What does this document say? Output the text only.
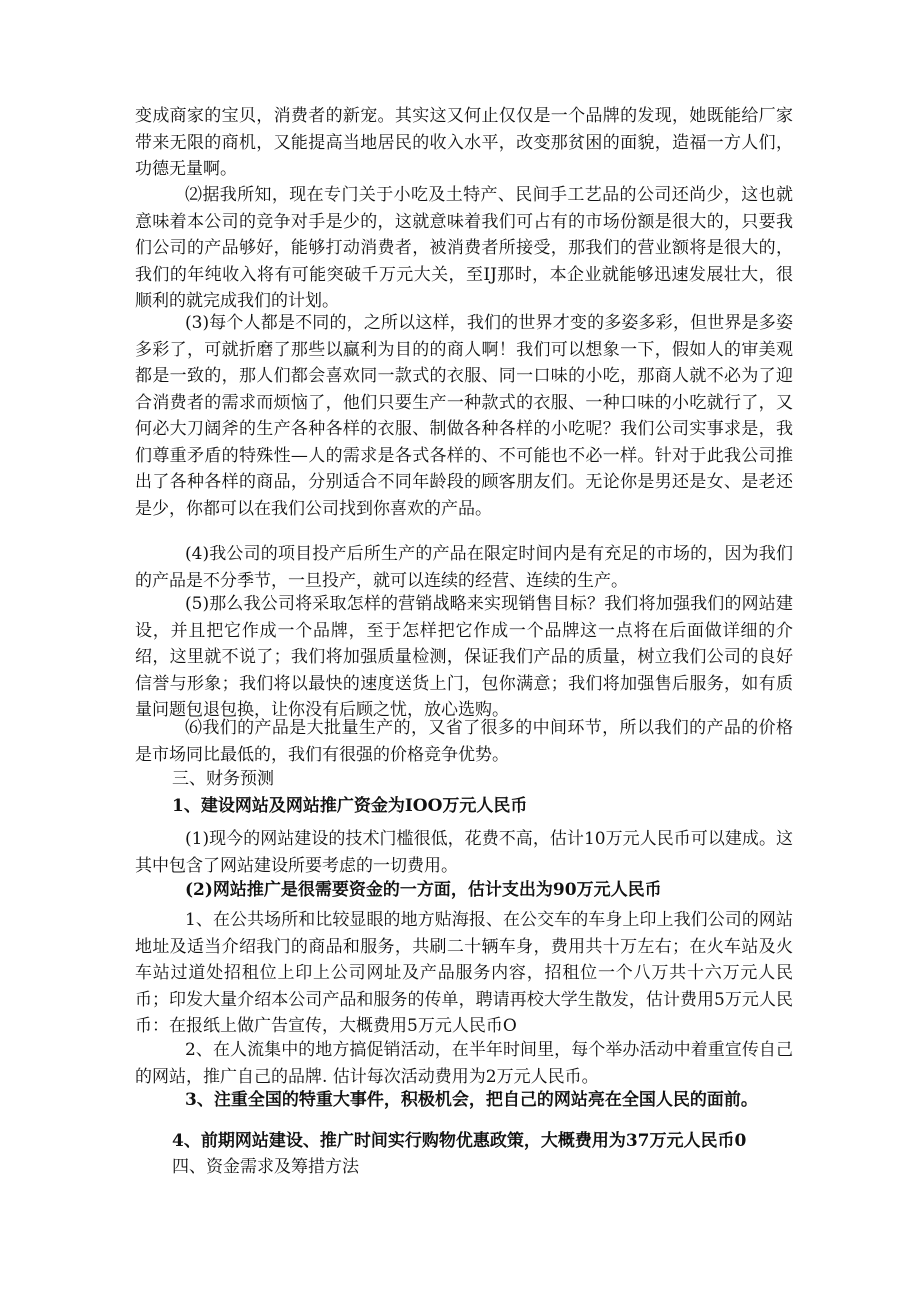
变成商家的宝贝，消费者的新宠。其实这又何止仅仅是一个品牌的发现，她既能给厂家带来无限的商机，又能提高当地居民的收入水平，改变那贫困的面貌，造福一方人们，功德无量啊。

⑵据我所知，现在专门关于小吃及土特产、民间手工艺品的公司还尚少，这也就意味着本公司的竞争对手是少的，这就意味着我们可占有的市场份额是很大的，只要我们公司的产品够好，能够打动消费者，被消费者所接受，那我们的营业额将是很大的，我们的年纯收入将有可能突破千万元大关，至IJ那时，本企业就能够迅速发展壮大，很顺利的就完成我们的计划。

(3)每个人都是不同的，之所以这样，我们的世界才变的多姿多彩，但世界是多姿多彩了，可就折磨了那些以赢利为目的的商人啊！我们可以想象一下，假如人的审美观都是一致的，那人们都会喜欢同一款式的衣服、同一口味的小吃，那商人就不必为了迎合消费者的需求而烦恼了，他们只要生产一种款式的衣服、一种口味的小吃就行了，又何必大刀阔斧的生产各种各样的衣服、制做各种各样的小吃呢？我们公司实事求是，我们尊重矛盾的特殊性—人的需求是各式各样的、不可能也不必一样。针对于此我公司推出了各种各样的商品，分别适合不同年龄段的顾客朋友们。无论你是男还是女、是老还是少，你都可以在我们公司找到你喜欢的产品。

(4)我公司的项目投产后所生产的产品在限定时间内是有充足的市场的，因为我们的产品是不分季节，一旦投产，就可以连续的经营、连续的生产。

(5)那么我公司将采取怎样的营销战略来实现销售目标？我们将加强我们的网站建设，并且把它作成一个品牌，至于怎样把它作成一个品牌这一点将在后面做详细的介绍，这里就不说了；我们将加强质量检测，保证我们产品的质量，树立我们公司的良好信誉与形象；我们将以最快的速度送货上门，包你满意；我们将加强售后服务，如有质量问题包退包换，让你没有后顾之忧，放心选购。

⑹我们的产品是大批量生产的，又省了很多的中间环节，所以我们的产品的价格是市场同比最低的，我们有很强的价格竞争优势。

三、财务预测

1、建设网站及网站推广资金为IOO万元人民币

(1)现今的网站建设的技术门槛很低，花费不高，估计10万元人民币可以建成。这其中包含了网站建设所要考虑的一切费用。

(2)网站推广是很需要资金的一方面，估计支出为90万元人民币

1、在公共场所和比较显眼的地方贴海报、在公交车的车身上印上我们公司的网站地址及适当介绍我门的商品和服务，共刷二十辆车身，费用共十万左右；在火车站及火车站过道处招租位上印上公司网址及产品服务内容，招租位一个八万共十六万元人民币；印发大量介绍本公司产品和服务的传单，聘请再校大学生散发，估计费用5万元人民币：在报纸上做广告宣传，大概费用5万元人民币O

2、在人流集中的地方搞促销活动，在半年时间里，每个举办活动中着重宣传自己的网站，推广自己的品牌. 估计每次活动费用为2万元人民币。

3、注重全国的特重大事件，积极机会，把自己的网站亮在全国人民的面前。

4、前期网站建设、推广时间实行购物优惠政策，大概费用为37万元人民币0

四、资金需求及筹措方法
